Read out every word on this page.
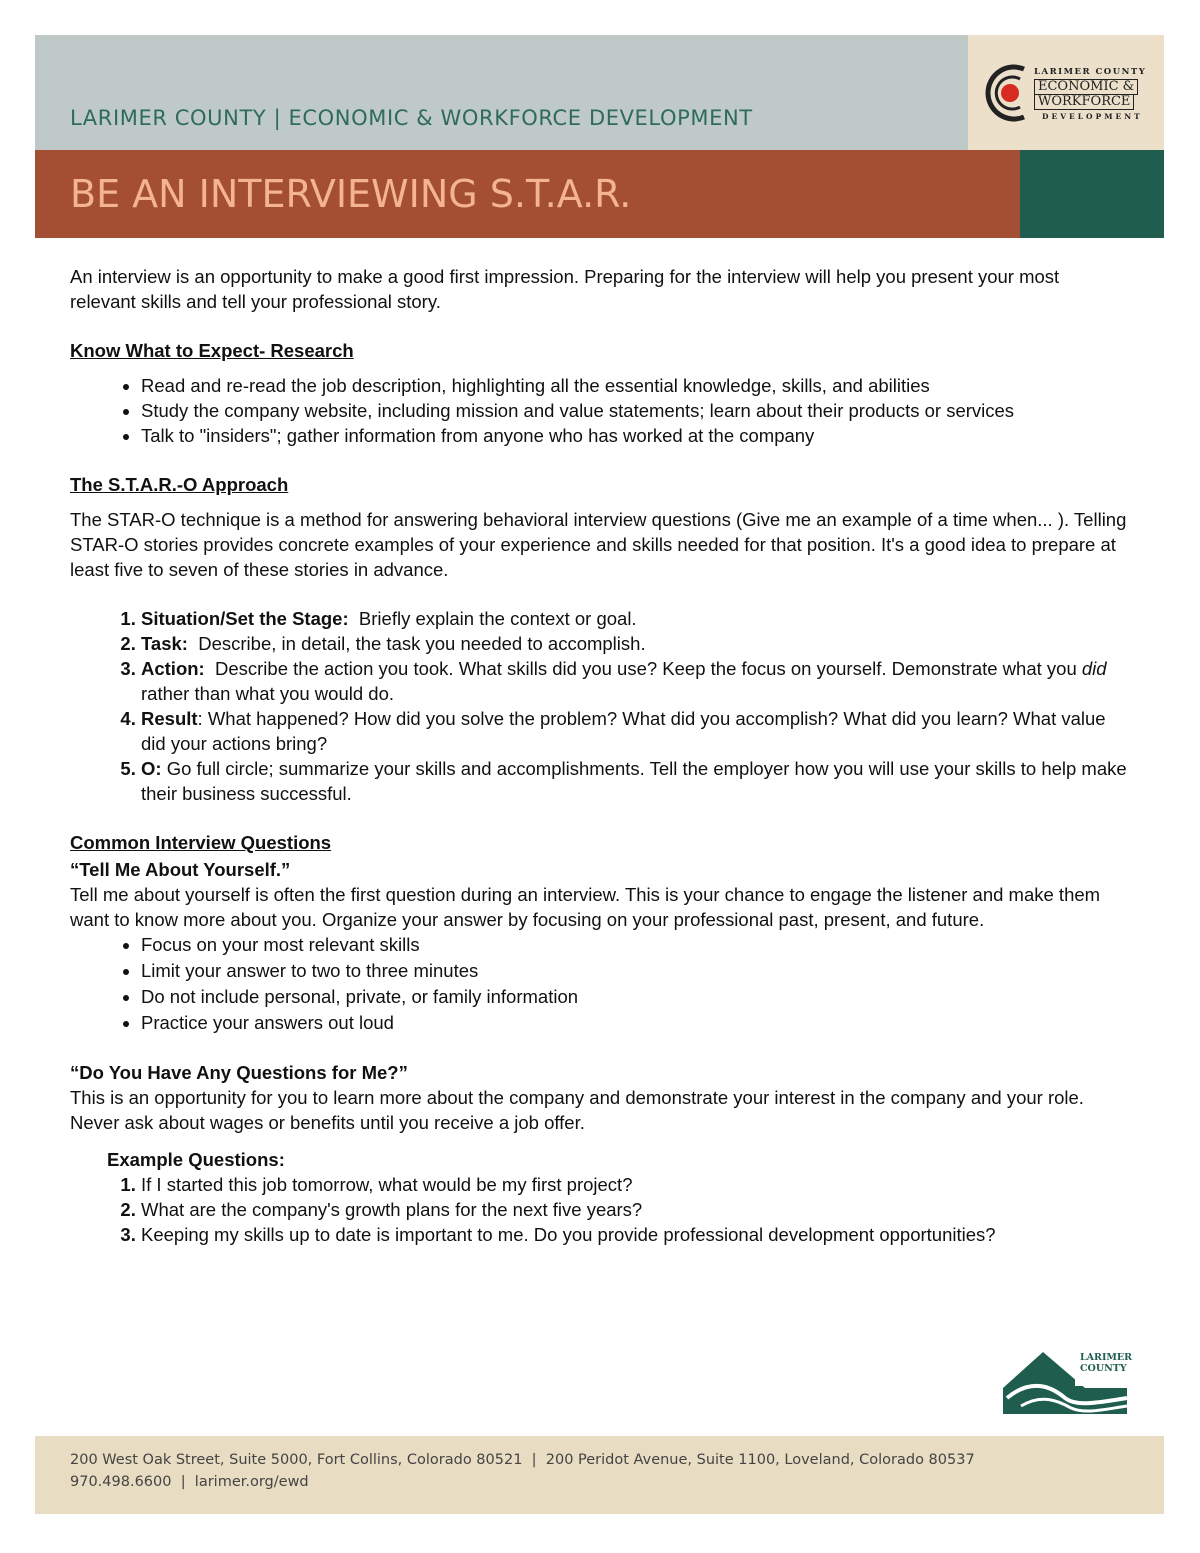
LARIMER COUNTY | ECONOMIC & WORKFORCE DEVELOPMENT
LARIMER COUNTY
ECONOMIC &
WORKFORCE
DEVELOPMENT
BE AN INTERVIEWING S.T.A.R.

An interview is an opportunity to make a good first impression. Preparing for the interview will help you present your most relevant skills and tell your professional story.

Know What to Expect- Research

• Read and re-read the job description, highlighting all the essential knowledge, skills, and abilities
• Study the company website, including mission and value statements; learn about their products or services
• Talk to "insiders"; gather information from anyone who has worked at the company

The S.T.A.R.-O Approach

The STAR-O technique is a method for answering behavioral interview questions (Give me an example of a time when... ). Telling STAR-O stories provides concrete examples of your experience and skills needed for that position. It's a good idea to prepare at least five to seven of these stories in advance.

1. Situation/Set the Stage:  Briefly explain the context or goal.
2. Task:  Describe, in detail, the task you needed to accomplish.
3. Action:  Describe the action you took. What skills did you use? Keep the focus on yourself. Demonstrate what you did rather than what you would do.
4. Result: What happened? How did you solve the problem? What did you accomplish? What did you learn? What value did your actions bring?
5. O: Go full circle; summarize your skills and accomplishments. Tell the employer how you will use your skills to help make their business successful.

Common Interview Questions

“Tell Me About Yourself.”

Tell me about yourself is often the first question during an interview. This is your chance to engage the listener and make them want to know more about you. Organize your answer by focusing on your professional past, present, and future.

• Focus on your most relevant skills
• Limit your answer to two to three minutes
• Do not include personal, private, or family information
• Practice your answers out loud

“Do You Have Any Questions for Me?”

This is an opportunity for you to learn more about the company and demonstrate your interest in the company and your role. Never ask about wages or benefits until you receive a job offer.

Example Questions:

1. If I started this job tomorrow, what would be my first project?
2. What are the company's growth plans for the next five years?
3. Keeping my skills up to date is important to me. Do you provide professional development opportunities?
LARIMER
COUNTY
200 West Oak Street, Suite 5000, Fort Collins, Colorado 80521  |  200 Peridot Avenue, Suite 1100, Loveland, Colorado 80537
970.498.6600  |  larimer.org/ewd
